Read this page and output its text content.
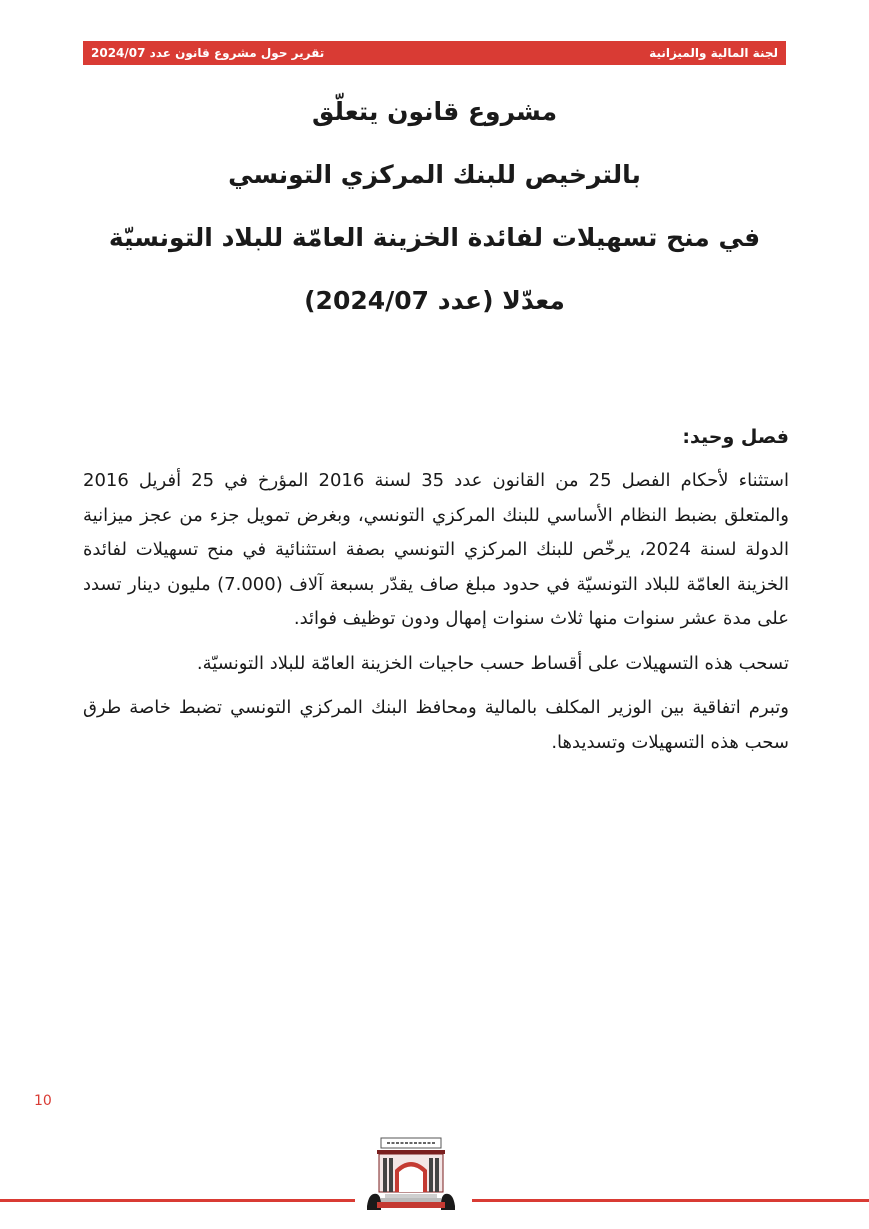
تقرير حول مشروع قانون عدد 2024/07	لجنة المالية والميزانية
مشروع قانون يتعلّق
بالترخيص للبنك المركزي التونسي
في منح تسهيلات لفائدة الخزينة العامّة للبلاد التونسيّة
معدّلا (عدد 2024/07)
فصل وحيد:

استثناء لأحكام الفصل 25 من القانون عدد 35 لسنة 2016 المؤرخ في 25 أفريل 2016 والمتعلق بضبط النظام الأساسي للبنك المركزي التونسي، وبغرض تمويل جزء من عجز ميزانية الدولة لسنة 2024، يرخّص للبنك المركزي التونسي بصفة استثنائية في منح تسهيلات لفائدة الخزينة العامّة للبلاد التونسيّة في حدود مبلغ صاف يقدّر بسبعة آلاف (7.000) مليون دينار تسدد على مدة عشر سنوات منها ثلاث سنوات إمهال ودون توظيف فوائد.

تسحب هذه التسهيلات على أقساط حسب حاجيات الخزينة العامّة للبلاد التونسيّة.

وتبرم اتفاقية بين الوزير المكلف بالمالية ومحافظ البنك المركزي التونسي تضبط خاصة طرق سحب هذه التسهيلات وتسديدها.

10
